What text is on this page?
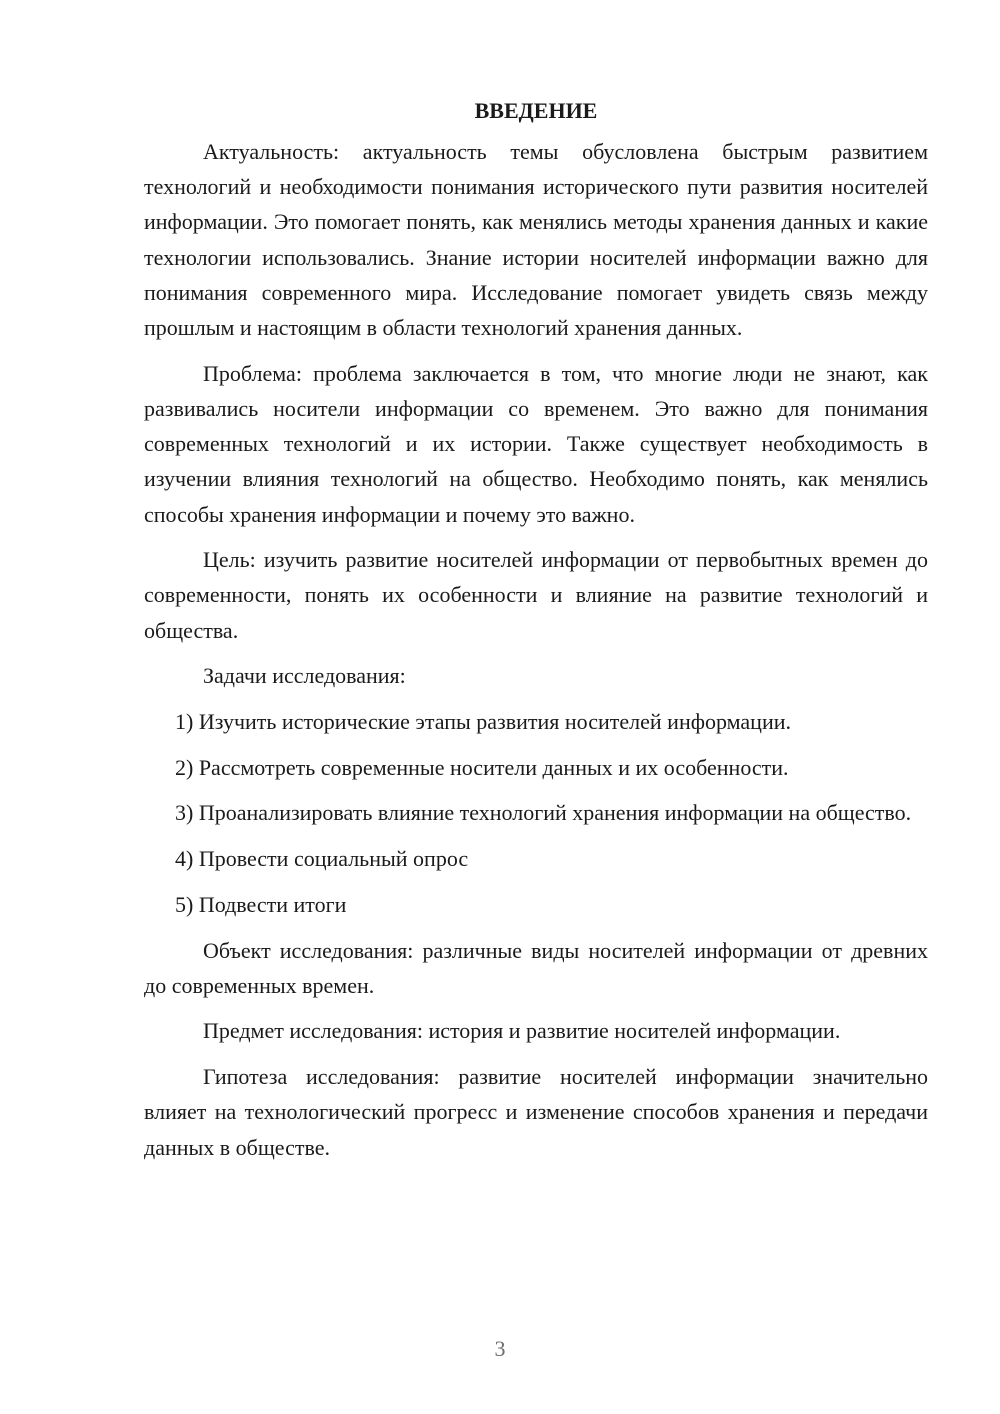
ВВЕДЕНИЕ

Актуальность: актуальность темы обусловлена быстрым развитием технологий и необходимости понимания исторического пути развития носителей информации. Это помогает понять, как менялись методы хранения данных и какие технологии использовались. Знание истории носителей информации важно для понимания современного мира. Исследование помогает увидеть связь между прошлым и настоящим в области технологий хранения данных.

Проблема: проблема заключается в том, что многие люди не знают, как развивались носители информации со временем. Это важно для понимания современных технологий и их истории. Также существует необходимость в изучении влияния технологий на общество. Необходимо понять, как менялись способы хранения информации и почему это важно.

Цель: изучить развитие носителей информации от первобытных времен до современности, понять их особенности и влияние на развитие технологий и общества.

Задачи исследования:

1) Изучить исторические этапы развития носителей информации.

2) Рассмотреть современные носители данных и их особенности.

3) Проанализировать влияние технологий хранения информации на общество.

4) Провести социальный опрос

5) Подвести итоги

Объект исследования: различные виды носителей информации от древних до современных времен.

Предмет исследования: история и развитие носителей информации.

Гипотеза исследования: развитие носителей информации значительно влияет на технологический прогресс и изменение способов хранения и передачи данных в обществе.

3
